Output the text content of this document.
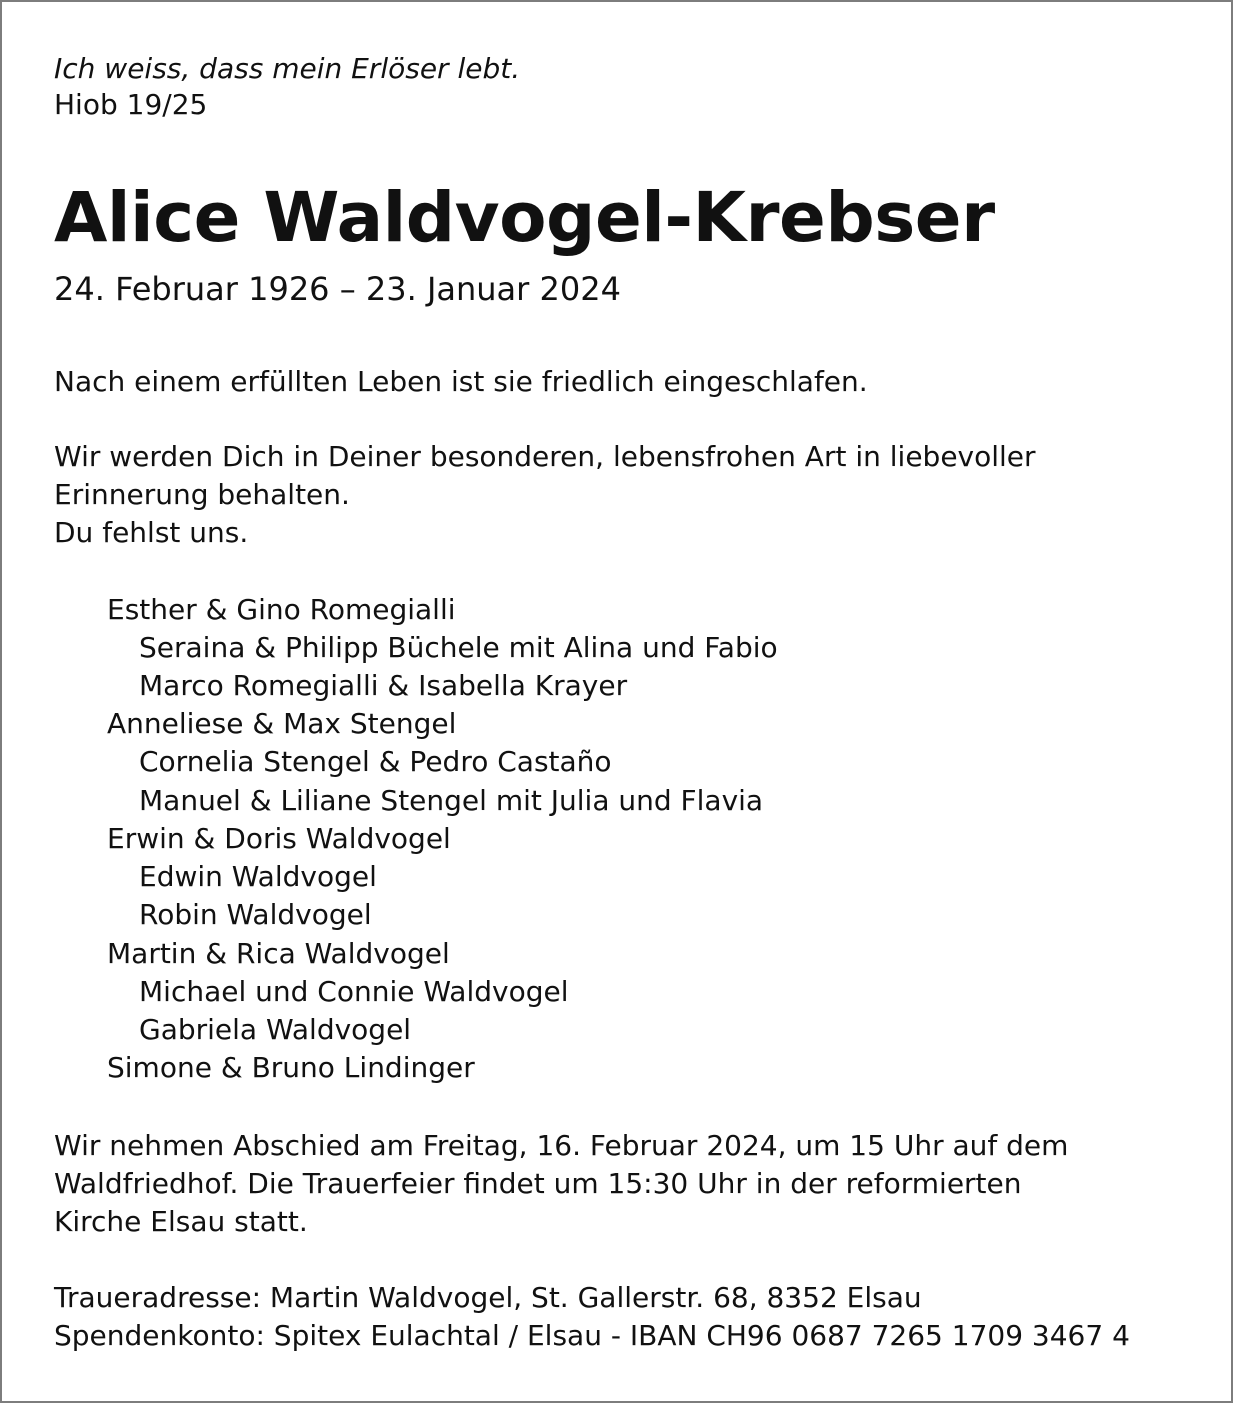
Ich weiss, dass mein Erlöser lebt.

Hiob 19/25

Alice Waldvogel-Krebser

24. Februar 1926 – 23. Januar 2024

Nach einem erfüllten Leben ist sie friedlich eingeschlafen.

Wir werden Dich in Deiner besonderen, lebensfrohen Art in liebevoller
Erinnerung behalten.
Du fehlst uns.
Esther & Gino Romegialli
Seraina & Philipp Büchele mit Alina und Fabio
Marco Romegialli & Isabella Krayer
Anneliese & Max Stengel
Cornelia Stengel & Pedro Castaño
Manuel & Liliane Stengel mit Julia und Flavia
Erwin & Doris Waldvogel
Edwin Waldvogel
Robin Waldvogel
Martin & Rica Waldvogel
Michael und Connie Waldvogel
Gabriela Waldvogel
Simone & Bruno Lindinger
Wir nehmen Abschied am Freitag, 16. Februar 2024, um 15 Uhr auf dem
Waldfriedhof. Die Trauerfeier findet um 15:30 Uhr in der reformierten
Kirche Elsau statt.
Traueradresse: Martin Waldvogel, St. Gallerstr. 68, 8352 Elsau
Spendenkonto: Spitex Eulachtal / Elsau - IBAN CH96 0687 7265 1709 3467 4
